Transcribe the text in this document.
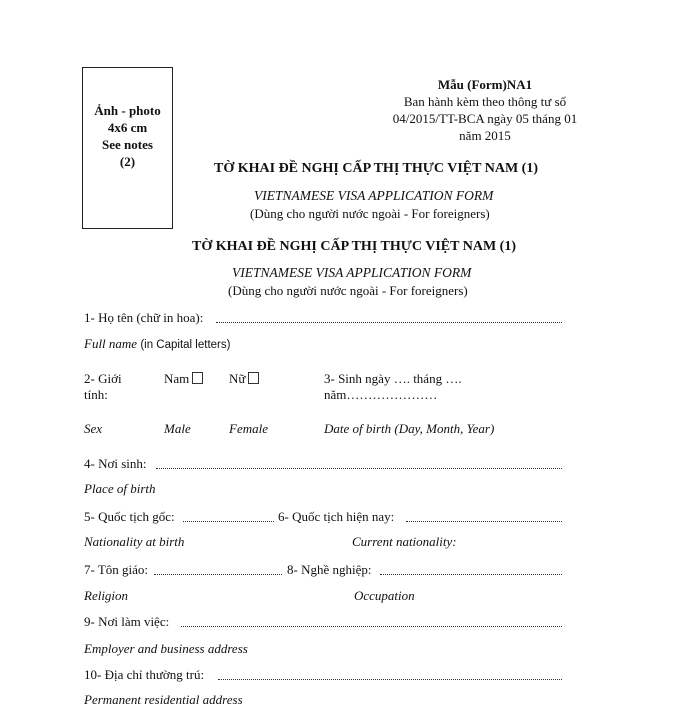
Ảnh - photo
4x6 cm
See notes
(2)
Mẫu (Form)NA1
Ban hành kèm theo thông tư số
04/2015/TT-BCA ngày 05 tháng 01
năm 2015
TỜ KHAI ĐỀ NGHỊ CẤP THỊ THỰC VIỆT NAM (1)
VIETNAMESE VISA APPLICATION FORM
(Dùng cho người nước ngoài - For foreigners)
TỜ KHAI ĐỀ NGHỊ CẤP THỊ THỰC VIỆT NAM (1)
VIETNAMESE VISA APPLICATION FORM
(Dùng cho người nước ngoài - For foreigners)
1- Họ tên (chữ in hoa):
Full name (in Capital letters)
2- Giới
tính:
Nam	Nữ	3- Sinh ngày …. tháng ….
năm…………………
Sex	Male	Female	Date of birth (Day, Month, Year)
4- Nơi sinh:
Place of birth
5- Quốc tịch gốc:	6- Quốc tịch hiện nay:
Nationality at birth	Current nationality:
7- Tôn giáo:	8- Nghề nghiệp:
Religion	Occupation
9- Nơi làm việc:
Employer and business address
10- Địa chỉ thường trú:
Permanent residential address
